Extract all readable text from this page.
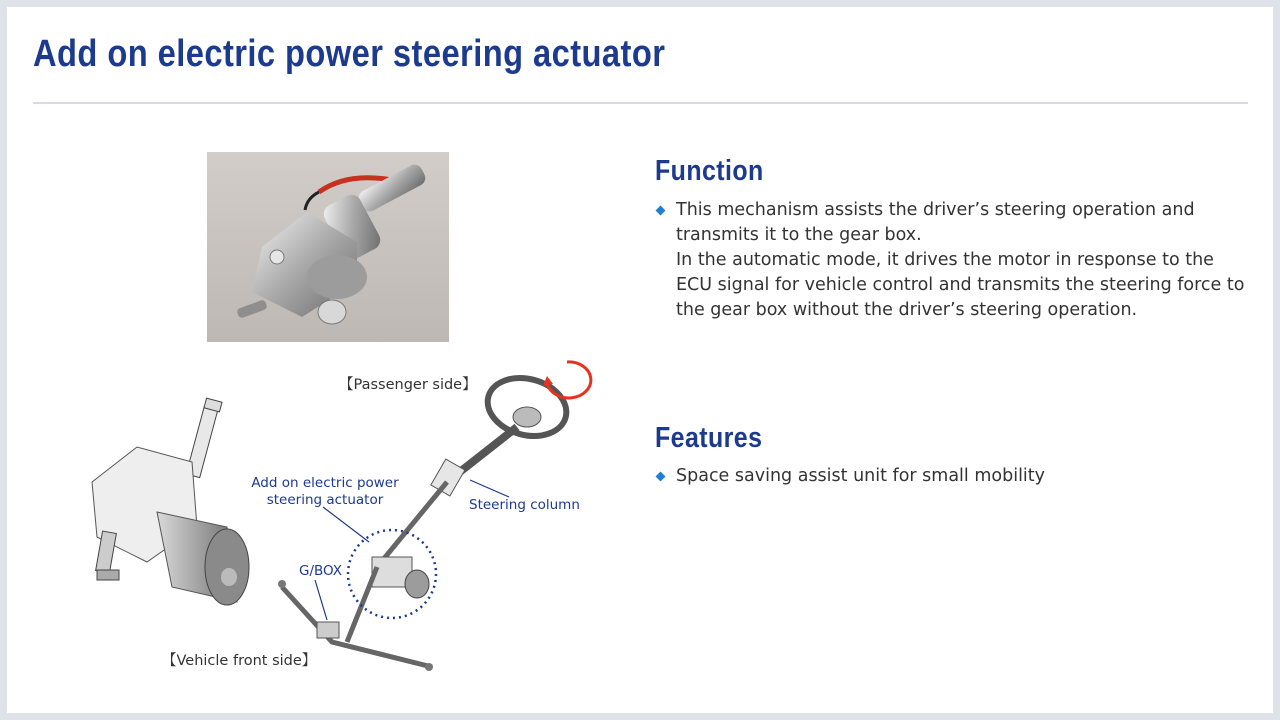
Add on electric power steering actuator
【Passenger side】
Add on electric power
steering actuator	Steering column
G/BOX
【Vehicle front side】
Function

This mechanism assists the driver’s steering operation and transmits it to the gear box.

In the automatic mode, it drives the motor in response to the ECU signal for vehicle control and transmits the steering force to the gear box without the driver’s steering operation.

Features

Space saving assist unit for small mobility
